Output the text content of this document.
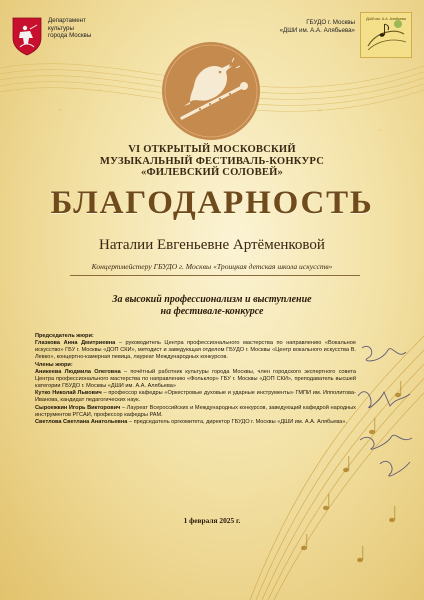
Департамент
культуры
города Москвы
ГБУДО г. Москвы
«ДШИ им. А.А. Алябьева»
ДШИ им. А.А. Алябьева
VI ОТКРЫТЫЙ МОСКОВСКИЙ
МУЗЫКАЛЬНЫЙ ФЕСТИВАЛЬ-КОНКУРС
«ФИЛЕВСКИЙ СОЛОВЕЙ»
БЛАГОДАРНОСТЬ
Наталии Евгеньевне Артёменковой
Концертмейстеру ГБУДО г. Москвы «Троицкая детская школа искусств»
За высокий профессионализм и выступление
на фестивале-конкурсе

Председатель жюри:

Глазкова Анна Дмитриевна – руководитель Центра профессионального мастерства по направлению «Вокальное искусство» ГБУ г. Москвы «ДОП СКИ», методист и заведующая отделом ГБУДО г. Москвы «Центр вокального искусства В. Левко», концертно-камерная певица, лауреат Международных конкурсов.

Члены жюри:

Аникеева Людмила Олеговна – почётный работник культуры города Москвы, член городского экспертного совета Центра профессионального мастерства по направлению «Фольклор» ГБУ г. Москвы «ДОП СКИ», преподаватель высшей категории ГБУДО г. Москвы «ДШИ им. А.А. Алябьева»

Кутко Николай Львович – профессор кафедры «Оркестровые духовые и ударные инструменты» ГМПИ им. Ипполитова-Иванова, кандидат педагогических наук.

Сыроежкин Игорь Викторович – Лауреат Всероссийских и Международных конкурсов, заведующий кафедрой народных инструментов РГСАИ, профессор кафедры РАМ.

Светлова Светлана Анатольевна – председатель оргкомитета, директор ГБУДО г. Москвы «ДШИ им. А.А. Алябьева».

1 февраля 2025 г.
